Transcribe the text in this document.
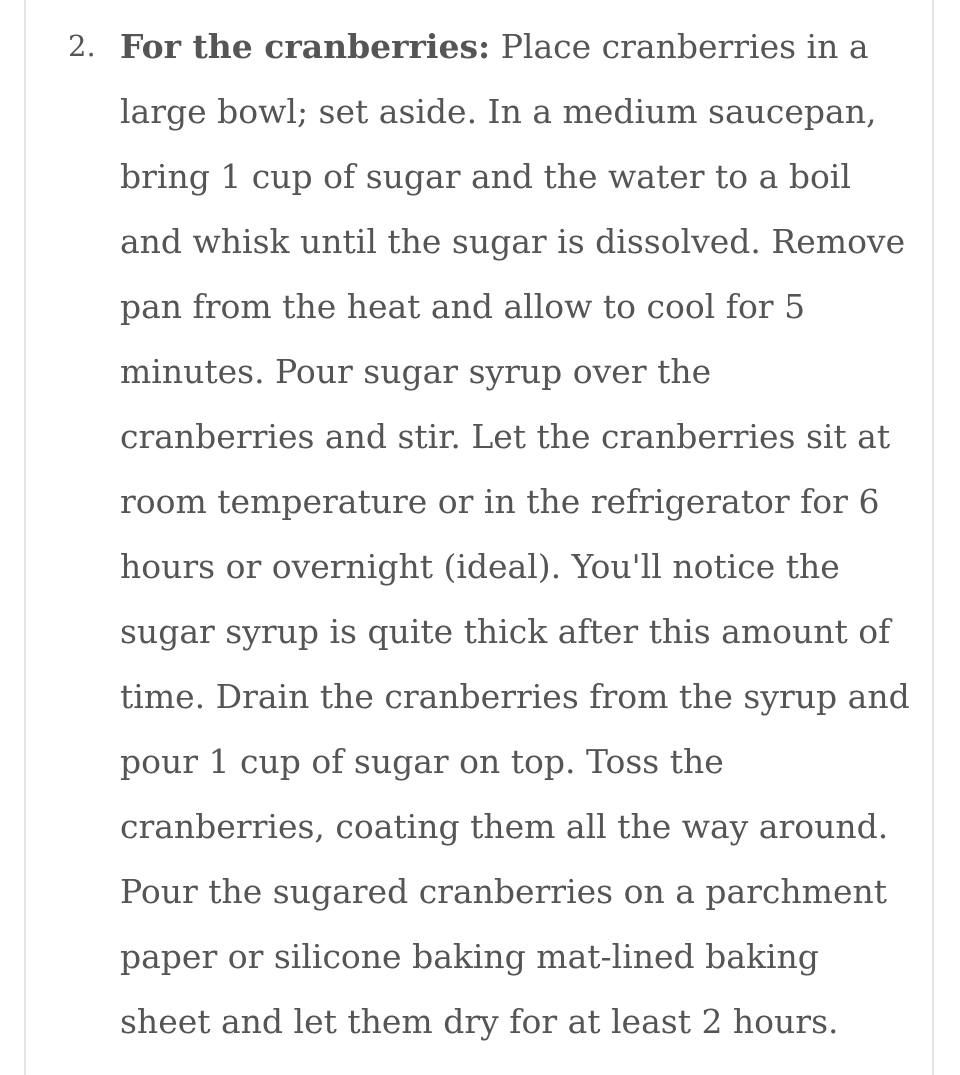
2. For the cranberries: Place cranberries in a large bowl; set aside. In a medium saucepan, bring 1 cup of sugar and the water to a boil and whisk until the sugar is dissolved. Remove pan from the heat and allow to cool for 5 minutes. Pour sugar syrup over the cranberries and stir. Let the cranberries sit at room temperature or in the refrigerator for 6 hours or overnight (ideal). You'll notice the sugar syrup is quite thick after this amount of time. Drain the cranberries from the syrup and pour 1 cup of sugar on top. Toss the cranberries, coating them all the way around. Pour the sugared cranberries on a parchment paper or silicone baking mat-lined baking sheet and let them dry for at least 2 hours.
